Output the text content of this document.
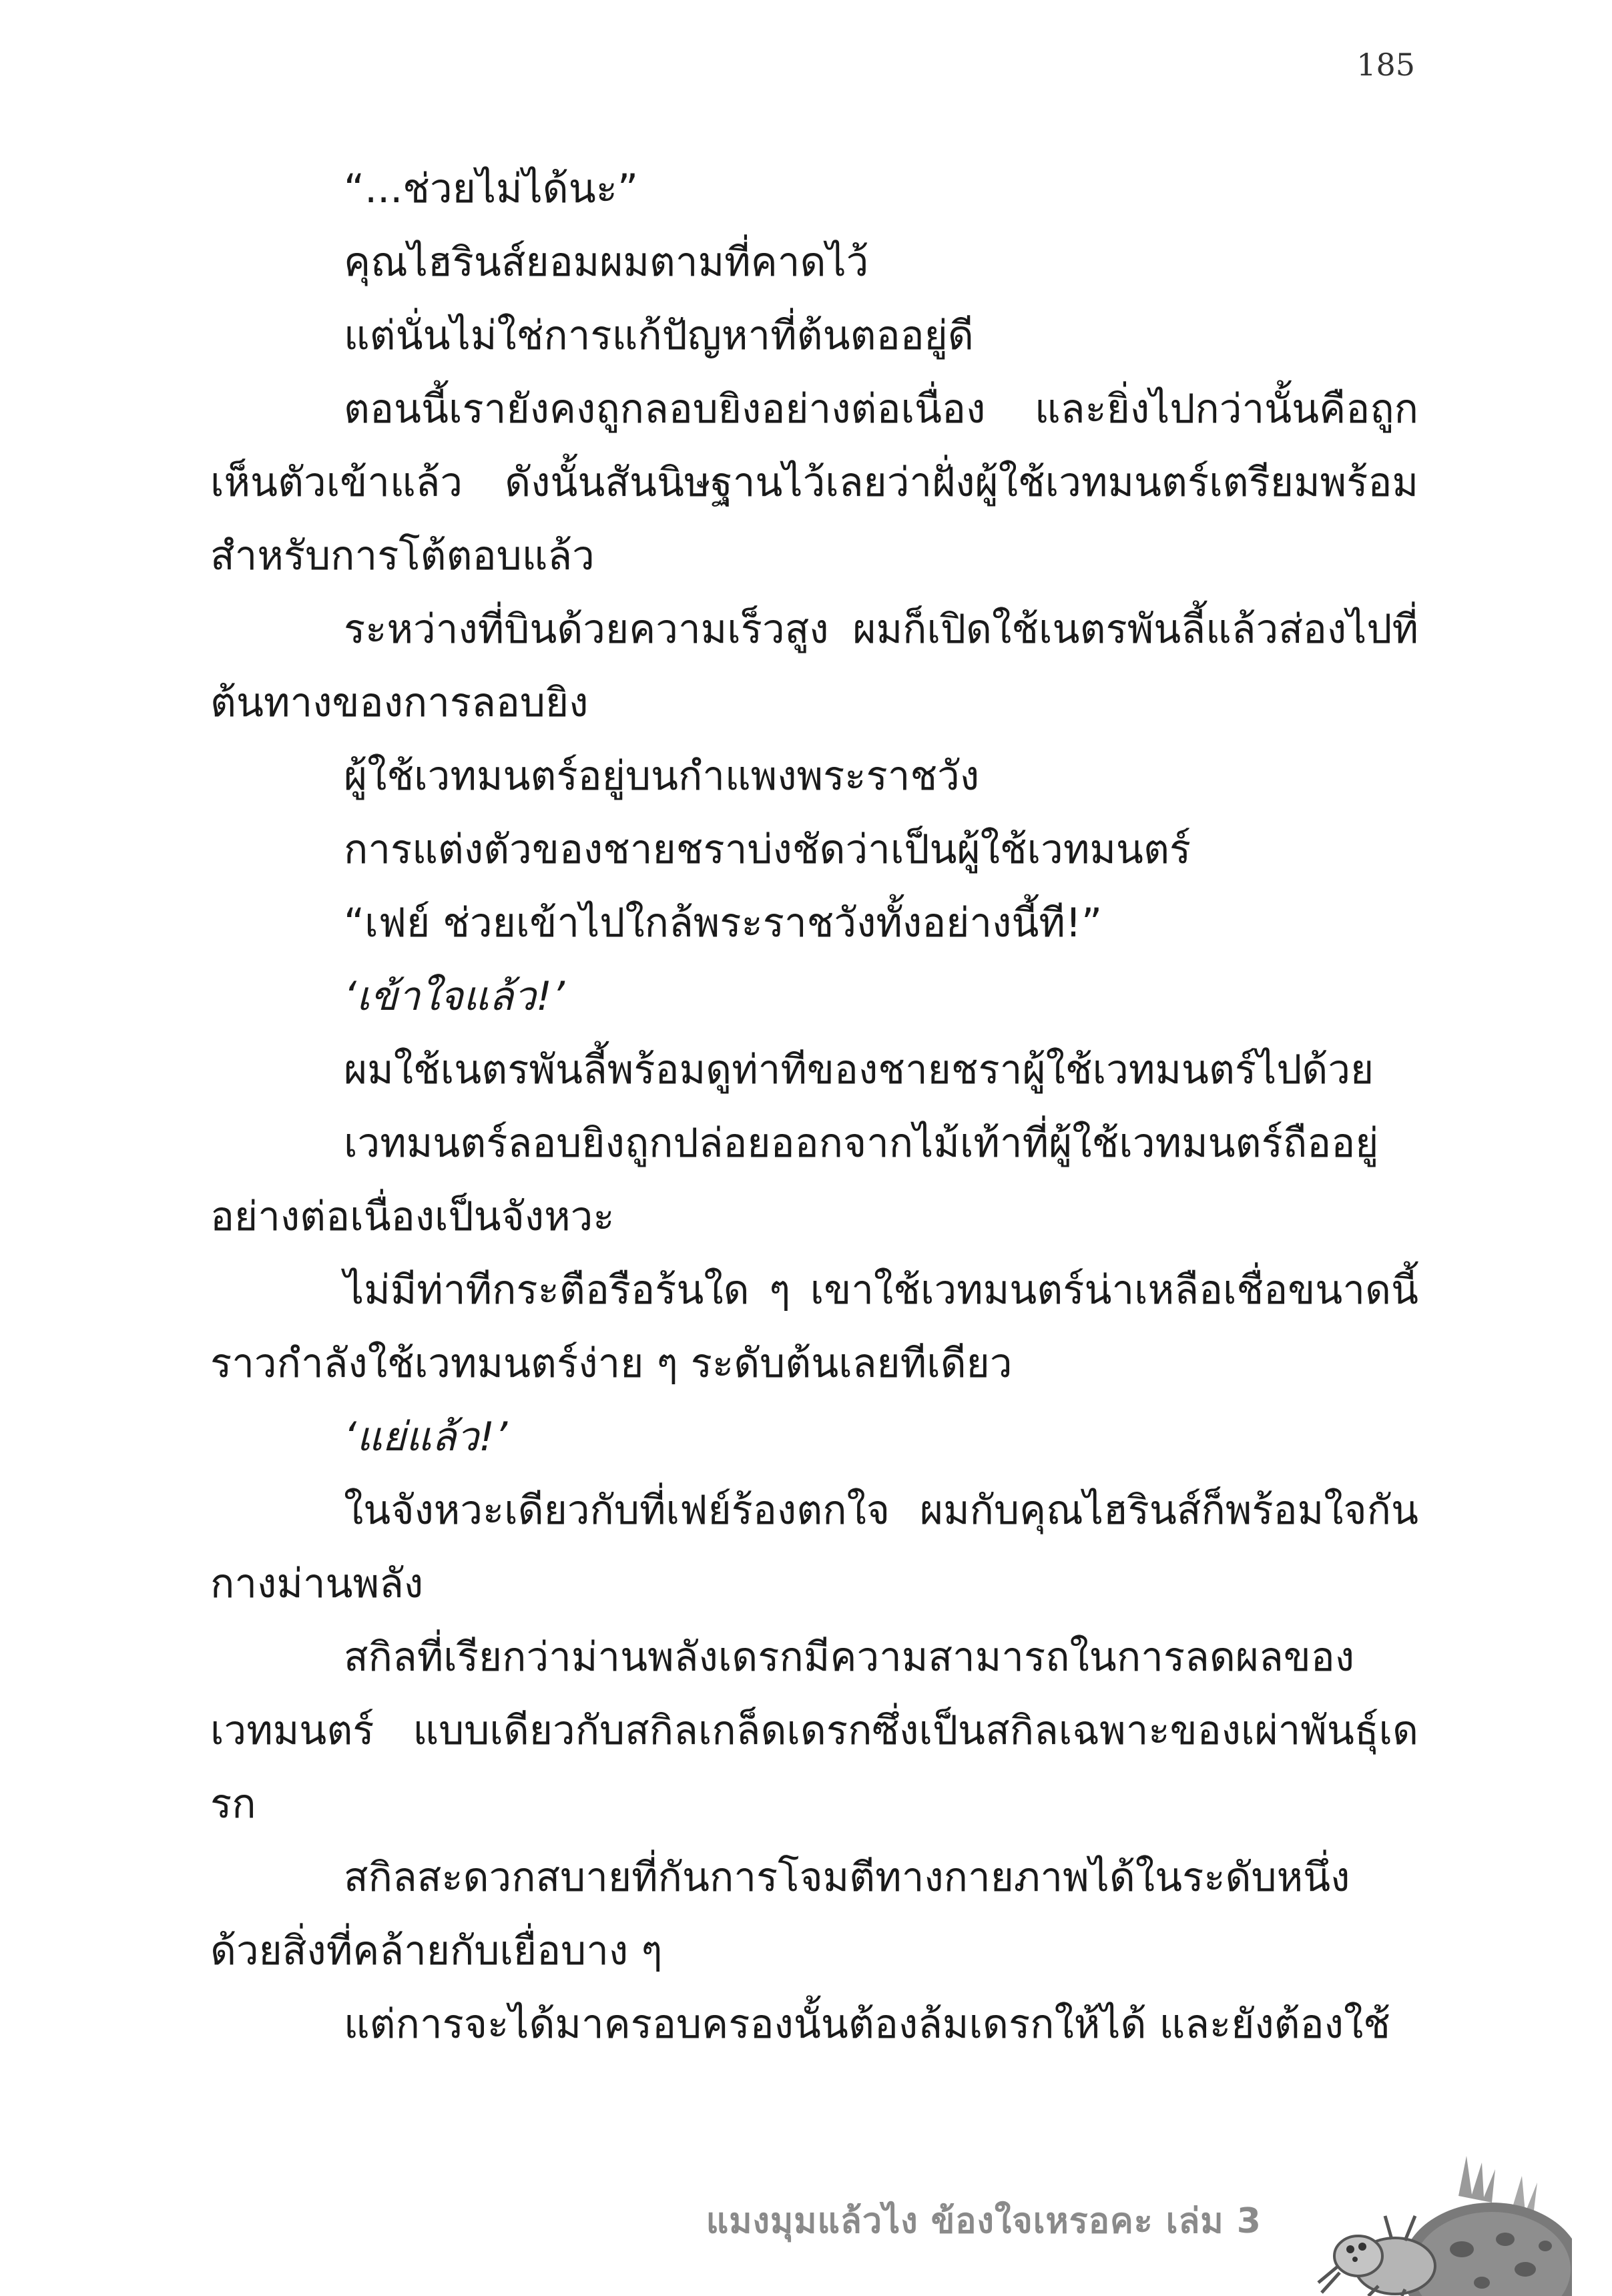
185

“...ช่วยไม่ได้นะ”

คุณไฮรินส์ยอมผมตามที่คาดไว้

แต่นั่นไม่ใช่การแก้ปัญหาที่ต้นตออยู่ดี

ตอนนี้เรายังคงถูกลอบยิงอย่างต่อเนื่อง และยิ่งไปกว่านั้นคือถูกเห็นตัวเข้าแล้ว ดังนั้นสันนิษฐานไว้เลยว่าฝั่งผู้ใช้เวทมนตร์เตรียมพร้อมสำหรับการโต้ตอบแล้ว

ระหว่างที่บินด้วยความเร็วสูง ผมก็เปิดใช้เนตรพันลี้แล้วส่องไปที่ต้นทางของการลอบยิง

ผู้ใช้เวทมนตร์อยู่บนกำแพงพระราชวัง

การแต่งตัวของชายชราบ่งชัดว่าเป็นผู้ใช้เวทมนตร์

“เฟย์ ช่วยเข้าไปใกล้พระราชวังทั้งอย่างนี้ที!”

‘เข้าใจแล้ว!’

ผมใช้เนตรพันลี้พร้อมดูท่าทีของชายชราผู้ใช้เวทมนตร์ไปด้วย

เวทมนตร์ลอบยิงถูกปล่อยออกจากไม้เท้าที่ผู้ใช้เวทมนตร์ถืออยู่อย่างต่อเนื่องเป็นจังหวะ

ไม่มีท่าทีกระตือรือร้นใด ๆ เขาใช้เวทมนตร์น่าเหลือเชื่อขนาดนี้ราวกำลังใช้เวทมนตร์ง่าย ๆ ระดับต้นเลยทีเดียว

‘แย่แล้ว!’

ในจังหวะเดียวกับที่เฟย์ร้องตกใจ ผมกับคุณไฮรินส์ก็พร้อมใจกันกางม่านพลัง

สกิลที่เรียกว่าม่านพลังเดรกมีความสามารถในการลดผลของเวทมนตร์ แบบเดียวกับสกิลเกล็ดเดรกซึ่งเป็นสกิลเฉพาะของเผ่าพันธุ์เดรก

สกิลสะดวกสบายที่กันการโจมตีทางกายภาพได้ในระดับหนึ่งด้วยสิ่งที่คล้ายกับเยื่อบาง ๆ

แต่การจะได้มาครอบครองนั้นต้องล้มเดรกให้ได้ และยังต้องใช้

แมงมุมแล้วไง ข้องใจเหรอคะ เล่ม 3
